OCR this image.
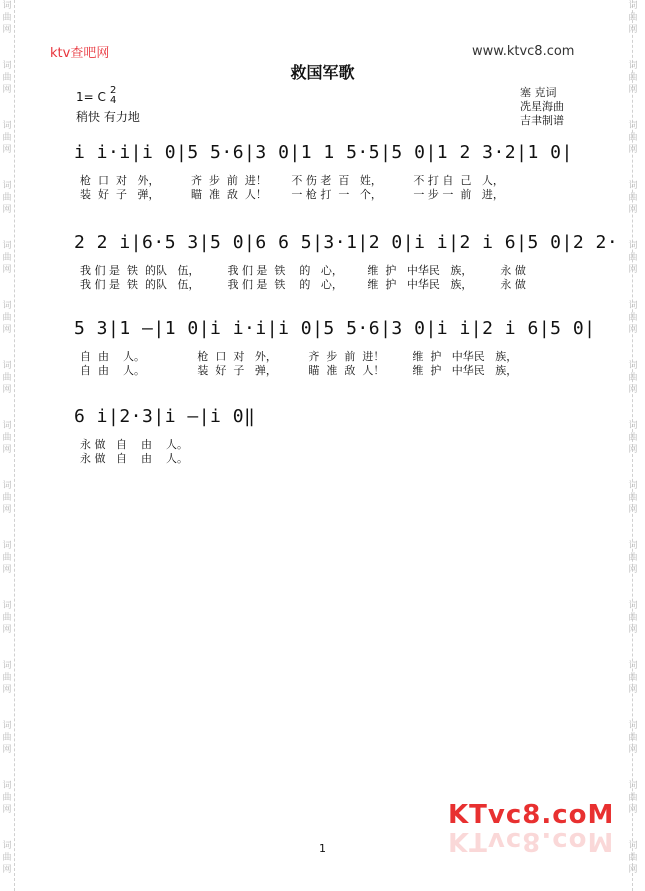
词
曲
网
词
曲
网
词
曲
网
词
曲
网
词
曲
网
词
曲
网
词
曲
网
词
曲
网
词
曲
网
词
曲
网
词
曲
网
词
曲
网
词
曲
网
词
曲
网
词
曲
网
词
曲
网
词
曲
网
词
曲
网
词
曲
网
词
曲
网
词
曲
网
词
曲
网
词
曲
网
词
曲
网
词
曲
网
词
曲
网
词
曲
网
词
曲
网
词
曲
网
词
曲
网
ktv查吧网	www.ktvc8.com
救国军歌
1= C 2
4
稍快 有力地
塞 克词
冼星海曲
吉聿制谱
i i·i|i 0|5 5·6|3 0|1 1 5·5|5 0|1 2 3·2|1 0|
枪  口  对   外，         齐  步  前  进！       不 伤 老  百   姓，         不 打 自  己   人，
装  好  子   弹，         瞄  准  敌  人！       一 枪 打  一   个，         一 步 一  前   进，
2 2 i|6·5 3|5 0|6 6 5|3·1|2 0|i i|2 i 6|5 0|2 2·
我 们 是  铁  的队   伍，        我 们 是  铁    的   心，       维  护   中华民   族，        永 做
我 们 是  铁  的队   伍，        我 们 是  铁    的   心，       维  护   中华民   族，        永 做
5 3|1 –|1 0|i i·i|i 0|5 5·6|3 0|i i|2 i 6|5 0|
自  由    人。               枪  口  对   外，         齐  步  前  进！        维  护   中华民   族，
自  由    人。               装  好  子   弹，         瞄  准  敌  人！        维  护   中华民   族，
6 i|2·3|i –|i 0‖
永 做   自    由    人。
永 做   自    由    人。
KTvc8.coM
KTvc8.coM
1
